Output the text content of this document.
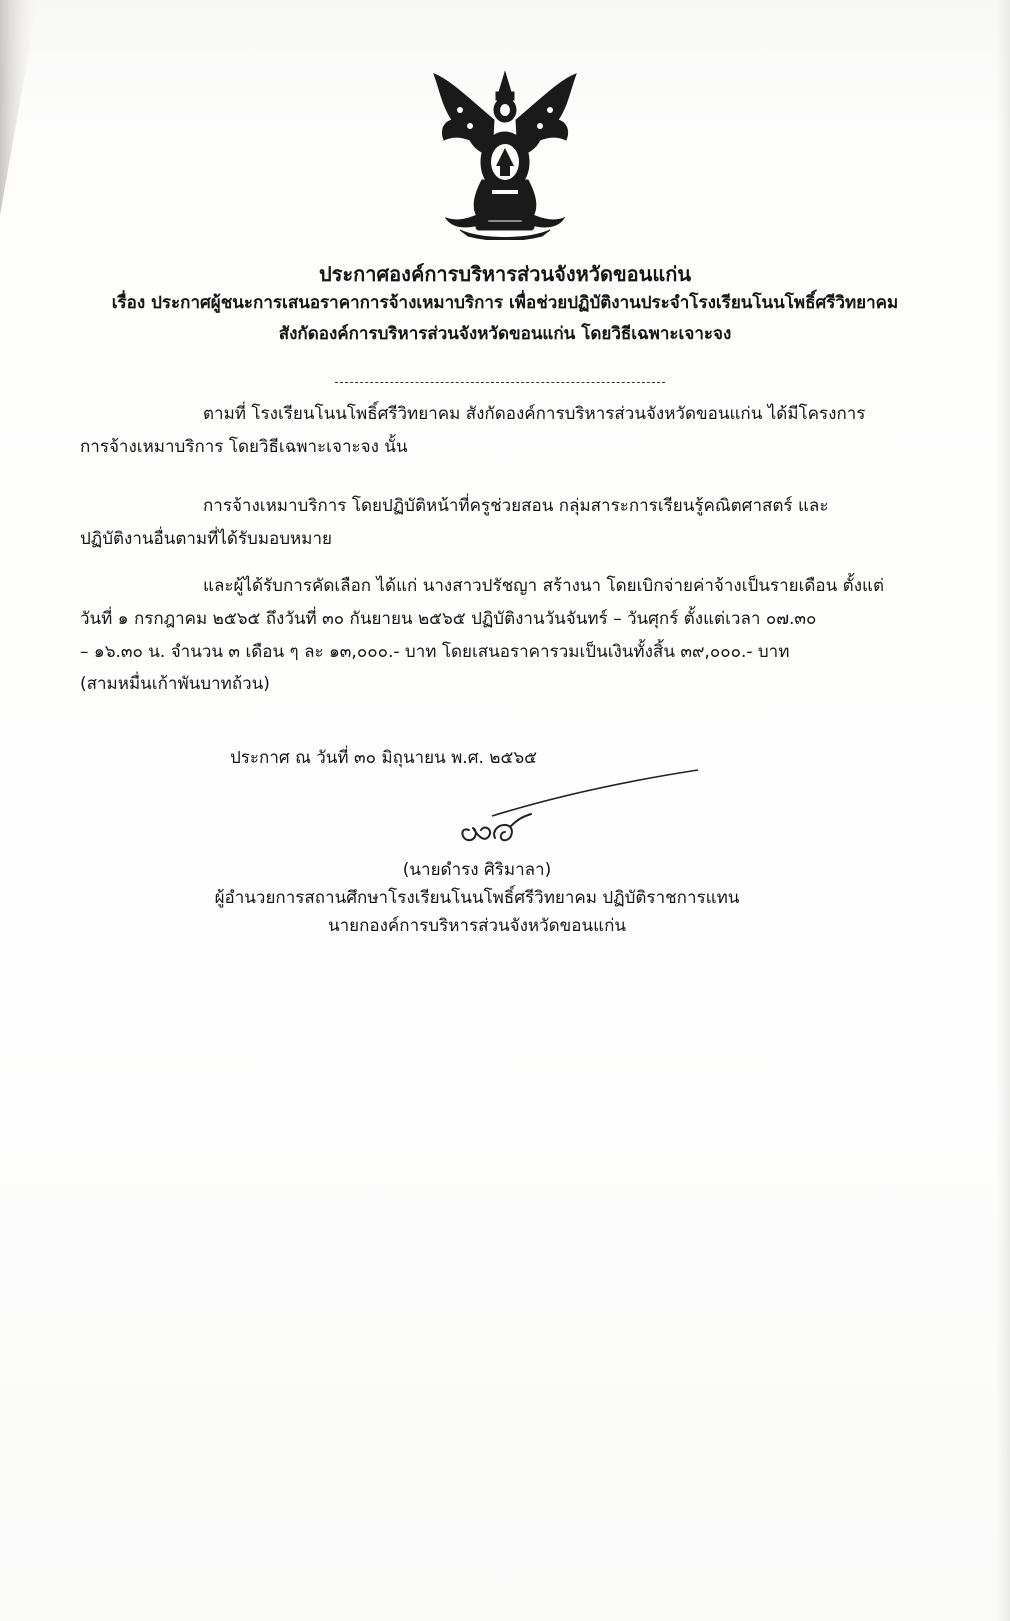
ประกาศองค์การบริหารส่วนจังหวัดขอนแก่น
เรื่อง ประกาศผู้ชนะการเสนอราคาการจ้างเหมาบริการ เพื่อช่วยปฏิบัติงานประจำโรงเรียนโนนโพธิ์ศรีวิทยาคม
สังกัดองค์การบริหารส่วนจังหวัดขอนแก่น โดยวิธีเฉพาะเจาะจง
ตามที่ โรงเรียนโนนโพธิ์ศรีวิทยาคม สังกัดองค์การบริหารส่วนจังหวัดขอนแก่น ได้มีโครงการ
การจ้างเหมาบริการ โดยวิธีเฉพาะเจาะจง นั้น
การจ้างเหมาบริการ โดยปฏิบัติหน้าที่ครูช่วยสอน กลุ่มสาระการเรียนรู้คณิตศาสตร์ และ
ปฏิบัติงานอื่นตามที่ได้รับมอบหมาย
และผู้ได้รับการคัดเลือก ได้แก่ นางสาวปรัชญา สร้างนา โดยเบิกจ่ายค่าจ้างเป็นรายเดือน ตั้งแต่
วันที่ ๑ กรกฎาคม ๒๕๖๕ ถึงวันที่ ๓๐ กันยายน ๒๕๖๕ ปฏิบัติงานวันจันทร์ – วันศุกร์ ตั้งแต่เวลา ๐๗.๓๐
– ๑๖.๓๐ น. จำนวน ๓ เดือน ๆ ละ ๑๓,๐๐๐.- บาท โดยเสนอราคารวมเป็นเงินทั้งสิ้น ๓๙,๐๐๐.- บาท
(สามหมื่นเก้าพันบาทถ้วน)
ประกาศ ณ วันที่ ๓๐ มิถุนายน พ.ศ. ๒๕๖๕
(นายดำรง ศิริมาลา)
ผู้อำนวยการสถานศึกษาโรงเรียนโนนโพธิ์ศรีวิทยาคม ปฏิบัติราชการแทน
นายกองค์การบริหารส่วนจังหวัดขอนแก่น
